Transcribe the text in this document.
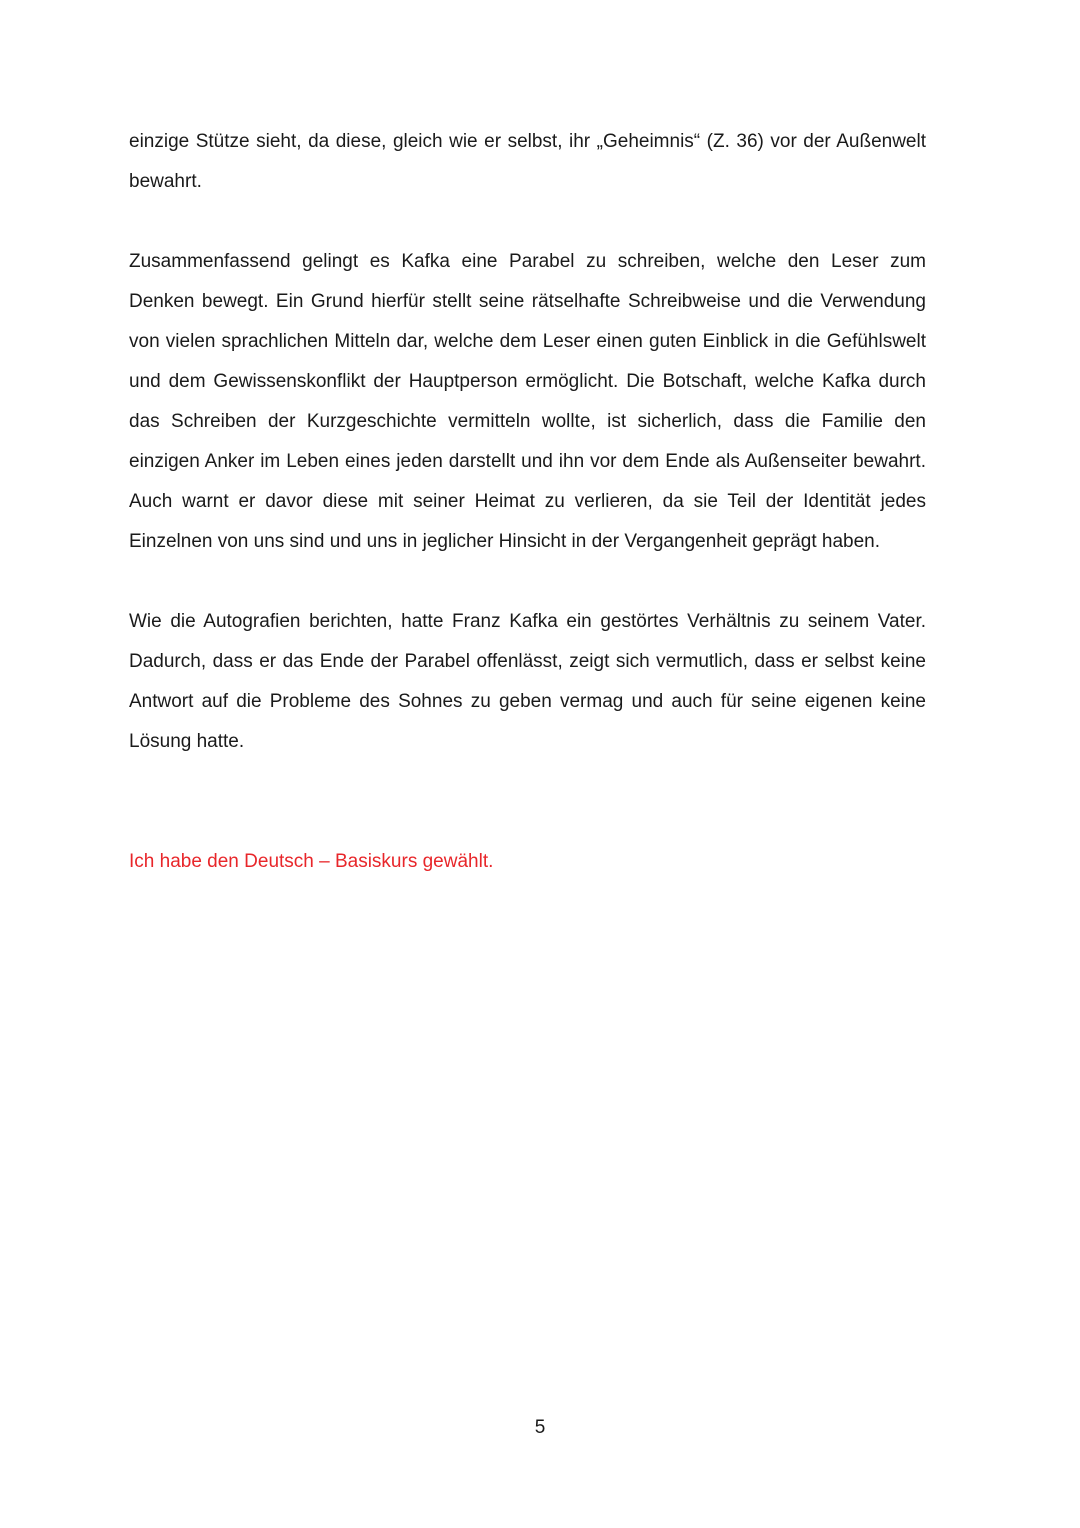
einzige Stütze sieht, da diese, gleich wie er selbst, ihr „Geheimnis“ (Z. 36) vor der Außenwelt bewahrt.

Zusammenfassend gelingt es Kafka eine Parabel zu schreiben, welche den Leser zum Denken bewegt. Ein Grund hierfür stellt seine rätselhafte Schreibweise und die Verwendung von vielen sprachlichen Mitteln dar, welche dem Leser einen guten Einblick in die Gefühlswelt und dem Gewissenskonflikt der Hauptperson ermöglicht. Die Botschaft, welche Kafka durch das Schreiben der Kurzgeschichte vermitteln wollte, ist sicherlich, dass die Familie den einzigen Anker im Leben eines jeden darstellt und ihn vor dem Ende als Außenseiter bewahrt. Auch warnt er davor diese mit seiner Heimat zu verlieren, da sie Teil der Identität jedes Einzelnen von uns sind und uns in jeglicher Hinsicht in der Vergangenheit geprägt haben.

Wie die Autografien berichten, hatte Franz Kafka ein gestörtes Verhältnis zu seinem Vater. Dadurch, dass er das Ende der Parabel offenlässt, zeigt sich vermutlich, dass er selbst keine Antwort auf die Probleme des Sohnes zu geben vermag und auch für seine eigenen keine Lösung hatte.

Ich habe den Deutsch – Basiskurs gewählt.

5
